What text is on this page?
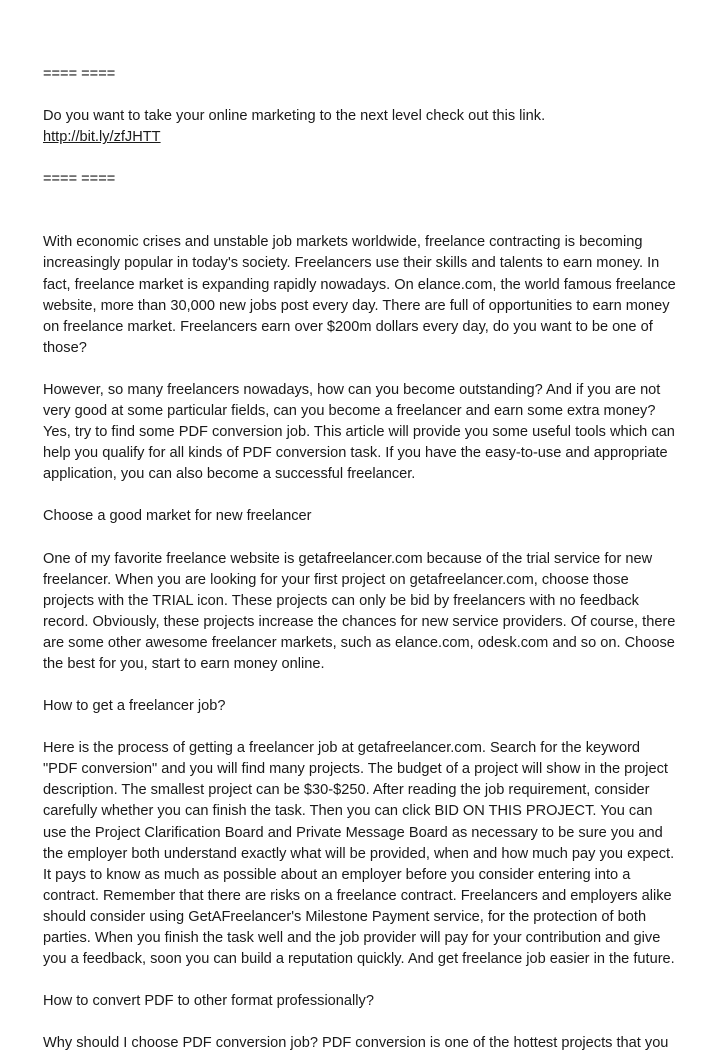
==== ====
Do you want to take your online marketing to the next level check out this link.
http://bit.ly/zfJHTT
==== ====
With economic crises and unstable job markets worldwide, freelance contracting is becoming
increasingly popular in today's society. Freelancers use their skills and talents to earn money. In
fact, freelance market is expanding rapidly nowadays. On elance.com, the world famous freelance
website, more than 30,000 new jobs post every day. There are full of opportunities to earn money
on freelance market. Freelancers earn over $200m dollars every day, do you want to be one of
those?
However, so many freelancers nowadays, how can you become outstanding? And if you are not
very good at some particular fields, can you become a freelancer and earn some extra money?
Yes, try to find some PDF conversion job. This article will provide you some useful tools which can
help you qualify for all kinds of PDF conversion task. If you have the easy-to-use and appropriate
application, you can also become a successful freelancer.
Choose a good market for new freelancer
One of my favorite freelance website is getafreelancer.com because of the trial service for new
freelancer. When you are looking for your first project on getafreelancer.com, choose those
projects with the TRIAL icon. These projects can only be bid by freelancers with no feedback
record. Obviously, these projects increase the chances for new service providers. Of course, there
are some other awesome freelancer markets, such as elance.com, odesk.com and so on. Choose
the best for you, start to earn money online.
How to get a freelancer job?
Here is the process of getting a freelancer job at getafreelancer.com. Search for the keyword
"PDF conversion" and you will find many projects. The budget of a project will show in the project
description. The smallest project can be $30-$250. After reading the job requirement, consider
carefully whether you can finish the task. Then you can click BID ON THIS PROJECT. You can
use the Project Clarification Board and Private Message Board as necessary to be sure you and
the employer both understand exactly what will be provided, when and how much pay you expect.
It pays to know as much as possible about an employer before you consider entering into a
contract. Remember that there are risks on a freelance contract. Freelancers and employers alike
should consider using GetAFreelancer's Milestone Payment service, for the protection of both
parties. When you finish the task well and the job provider will pay for your contribution and give
you a feedback, soon you can build a reputation quickly. And get freelance job easier in the future.
How to convert PDF to other format professionally?
Why should I choose PDF conversion job? PDF conversion is one of the hottest projects that you
